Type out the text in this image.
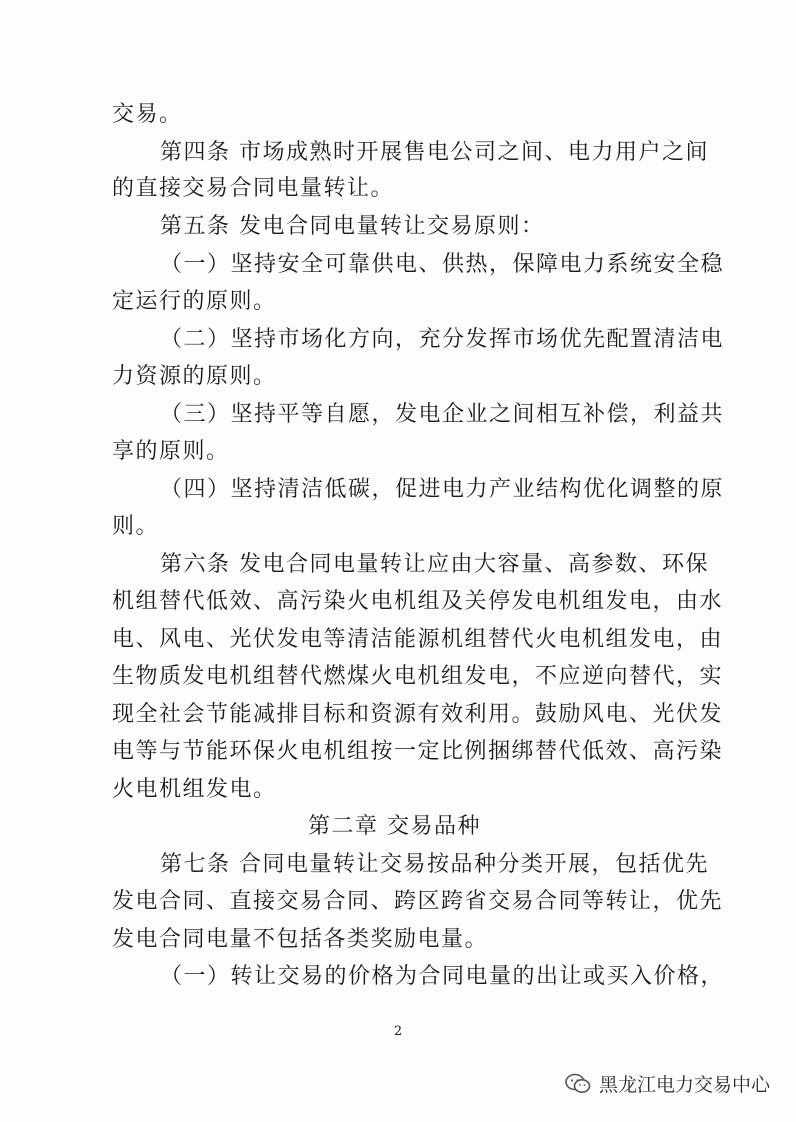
交易。
第四条 市场成熟时开展售电公司之间、电力用户之间
的直接交易合同电量转让。
第五条 发电合同电量转让交易原则：
（一）坚持安全可靠供电、供热，保障电力系统安全稳
定运行的原则。
（二）坚持市场化方向，充分发挥市场优先配置清洁电
力资源的原则。
（三）坚持平等自愿，发电企业之间相互补偿，利益共
享的原则。
（四）坚持清洁低碳，促进电力产业结构优化调整的原
则。
第六条 发电合同电量转让应由大容量、高参数、环保
机组替代低效、高污染火电机组及关停发电机组发电，由水
电、风电、光伏发电等清洁能源机组替代火电机组发电，由
生物质发电机组替代燃煤火电机组发电，不应逆向替代，实
现全社会节能减排目标和资源有效利用。鼓励风电、光伏发
电等与节能环保火电机组按一定比例捆绑替代低效、高污染
火电机组发电。
第二章 交易品种
第七条 合同电量转让交易按品种分类开展，包括优先
发电合同、直接交易合同、跨区跨省交易合同等转让，优先
发电合同电量不包括各类奖励电量。
（一）转让交易的价格为合同电量的出让或买入价格，
2
黑龙江电力交易中心
